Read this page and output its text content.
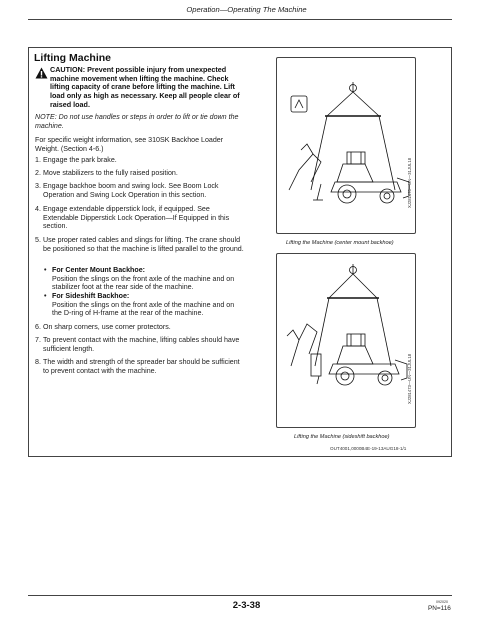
Operation—Operating The Machine
Lifting Machine
CAUTION: Prevent possible injury from unexpected machine movement when lifting the machine. Check lifting capacity of crane before lifting the machine. Lift load only as high as necessary. Keep all people clear of raised load.
NOTE: Do not use handles or steps in order to lift or tie down the machine.
For specific weight information, see 310SK Backhoe Loader Weight. (Section 4-6.)
1. Engage the park brake.
2. Move stabilizers to the fully raised position.
3. Engage backhoe boom and swing lock. See Boom Lock Operation and Swing Lock Operation in this section.
4. Engage extendable dipperstick lock, if equipped. See Extendable Dipperstick Lock Operation—If Equipped in this section.
5. Use proper rated cables and slings for lifting. The crane should be positioned so that the machine is lifted parallel to the ground.
• For Center Mount Backhoe:
Position the slings on the front axle of the machine and on stabilizer foot at the rear side of the machine.
• For Sideshift Backhoe:
Position the slings on the front axle of the machine and on the D-ring of H-frame at the rear of the machine.
6. On sharp corners, use corner protectors.
7. To prevent contact with the machine, lifting cables should have sufficient length.
8. The width and strength of the spreader bar should be sufficient to prevent contact with the machine.
XJ281476—UN—31JUL18
Lifting the Machine (center mount backhoe)
XJ281473—UN—31JUL18
Lifting the Machine (sideshift backhoe)
OUT4001,0000B4E-19-13AUG18-1/1
2-3-38	092020
PN=116
